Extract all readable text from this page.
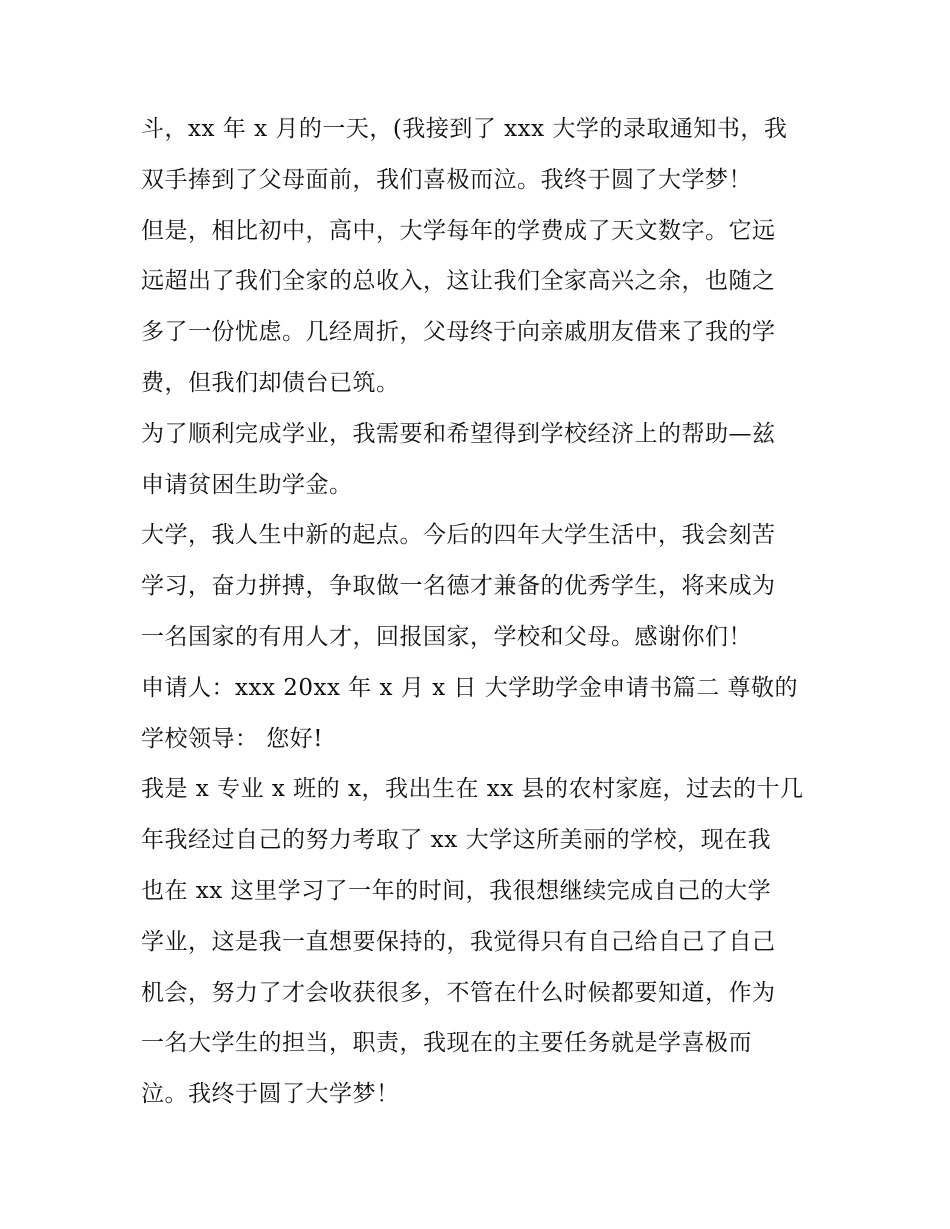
斗，xx 年 x 月的一天，(我接到了 xxx 大学的录取通知书，我
双手捧到了父母面前，我们喜极而泣。我终于圆了大学梦！
但是，相比初中，高中，大学每年的学费成了天文数字。它远
远超出了我们全家的总收入，这让我们全家高兴之余，也随之
多了一份忧虑。几经周折，父母终于向亲戚朋友借来了我的学
费，但我们却债台已筑。
为了顺利完成学业，我需要和希望得到学校经济上的帮助—兹
申请贫困生助学金。
大学，我人生中新的起点。今后的四年大学生活中，我会刻苦
学习，奋力拼搏，争取做一名德才兼备的优秀学生，将来成为
一名国家的有用人才，回报国家，学校和父母。感谢你们！
申请人：xxx 20xx 年 x 月 x 日 大学助学金申请书篇二 尊敬的
学校领导： 您好!
我是 x 专业 x 班的 x，我出生在 xx 县的农村家庭，过去的十几
年我经过自己的努力考取了 xx 大学这所美丽的学校，现在我
也在 xx 这里学习了一年的时间，我很想继续完成自己的大学
学业，这是我一直想要保持的，我觉得只有自己给自己了自己
机会，努力了才会收获很多，不管在什么时候都要知道，作为
一名大学生的担当，职责，我现在的主要任务就是学喜极而
泣。我终于圆了大学梦！
